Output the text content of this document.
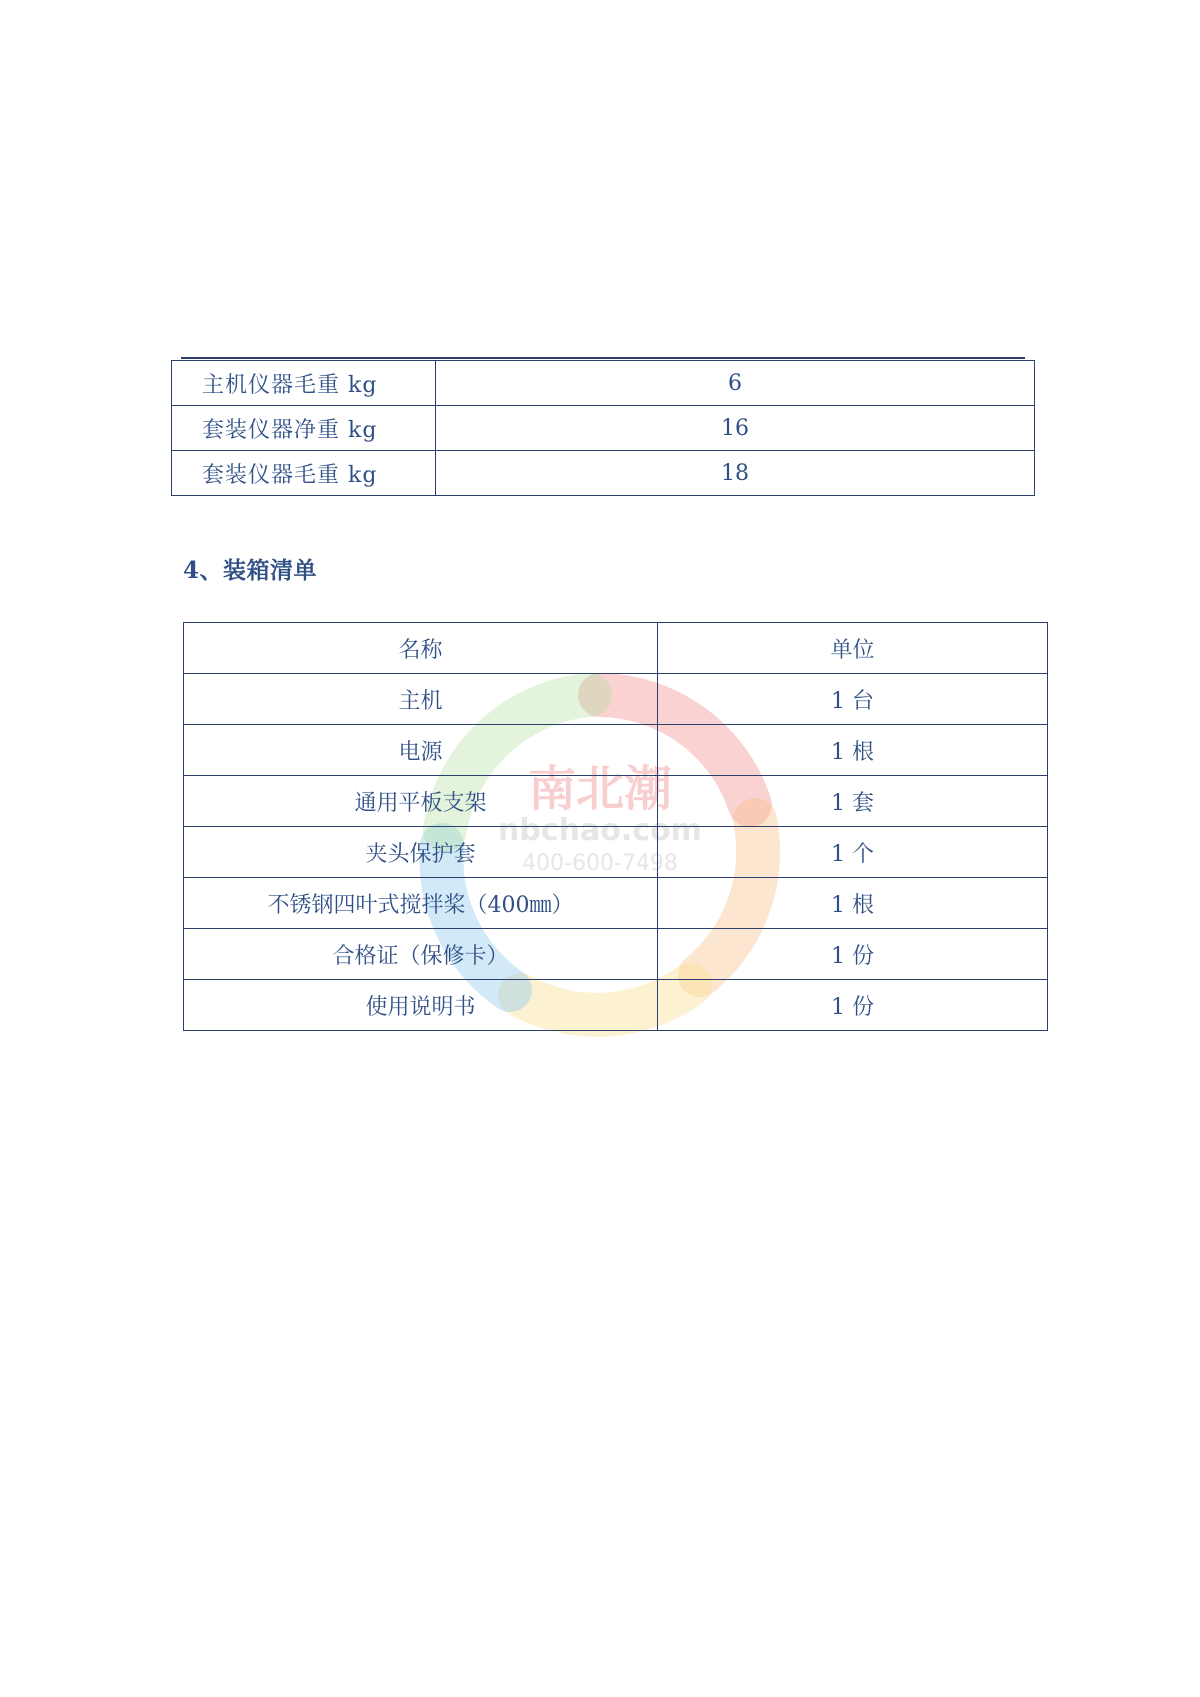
南北潮
nbchao.com
400-600-7498
主机仪器毛重 kg	6
套装仪器净重 kg	16
套装仪器毛重 kg	18
4、装箱清单
名称	单位
主机	1 台
电源	1 根
通用平板支架	1 套
夹头保护套	1 个
不锈钢四叶式搅拌桨（400㎜）	1 根
合格证（保修卡）	1 份
使用说明书	1 份
